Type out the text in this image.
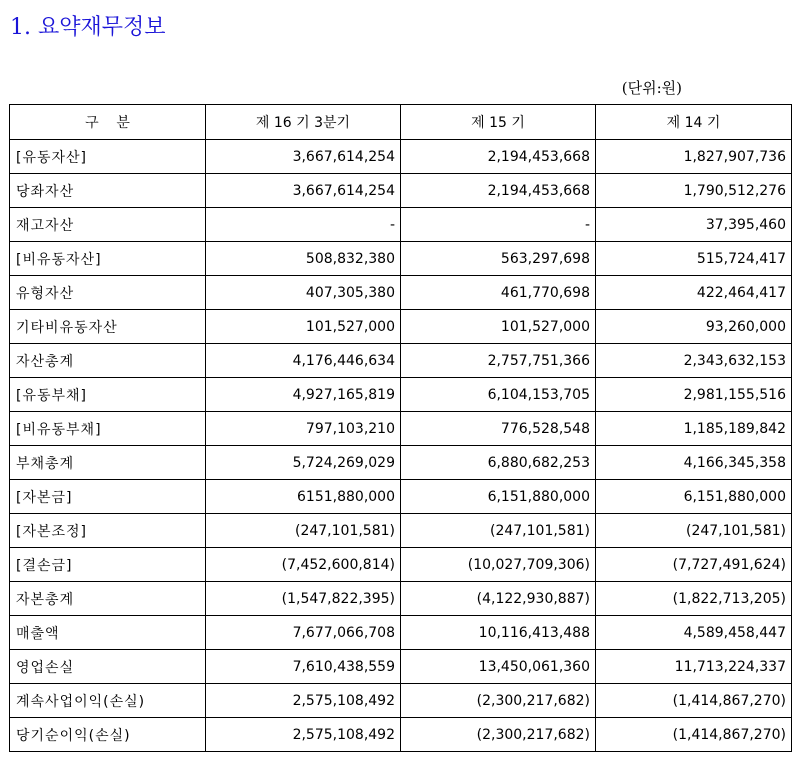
1. 요약재무정보
(단위:원)
구    분	제 16 기 3분기	제 15 기	제 14 기
[유동자산]	3,667,614,254	2,194,453,668	1,827,907,736
당좌자산	3,667,614,254	2,194,453,668	1,790,512,276
재고자산	-	-	37,395,460
[비유동자산]	508,832,380	563,297,698	515,724,417
유형자산	407,305,380	461,770,698	422,464,417
기타비유동자산	101,527,000	101,527,000	93,260,000
자산총계	4,176,446,634	2,757,751,366	2,343,632,153
[유동부채]	4,927,165,819	6,104,153,705	2,981,155,516
[비유동부채]	797,103,210	776,528,548	1,185,189,842
부채총계	5,724,269,029	6,880,682,253	4,166,345,358
[자본금]	6151,880,000	6,151,880,000	6,151,880,000
[자본조정]	(247,101,581)	(247,101,581)	(247,101,581)
[결손금]	(7,452,600,814)	(10,027,709,306)	(7,727,491,624)
자본총계	(1,547,822,395)	(4,122,930,887)	(1,822,713,205)
매출액	7,677,066,708	10,116,413,488	4,589,458,447
영업손실	7,610,438,559	13,450,061,360	11,713,224,337
계속사업이익(손실)	2,575,108,492	(2,300,217,682)	(1,414,867,270)
당기순이익(손실)	2,575,108,492	(2,300,217,682)	(1,414,867,270)
